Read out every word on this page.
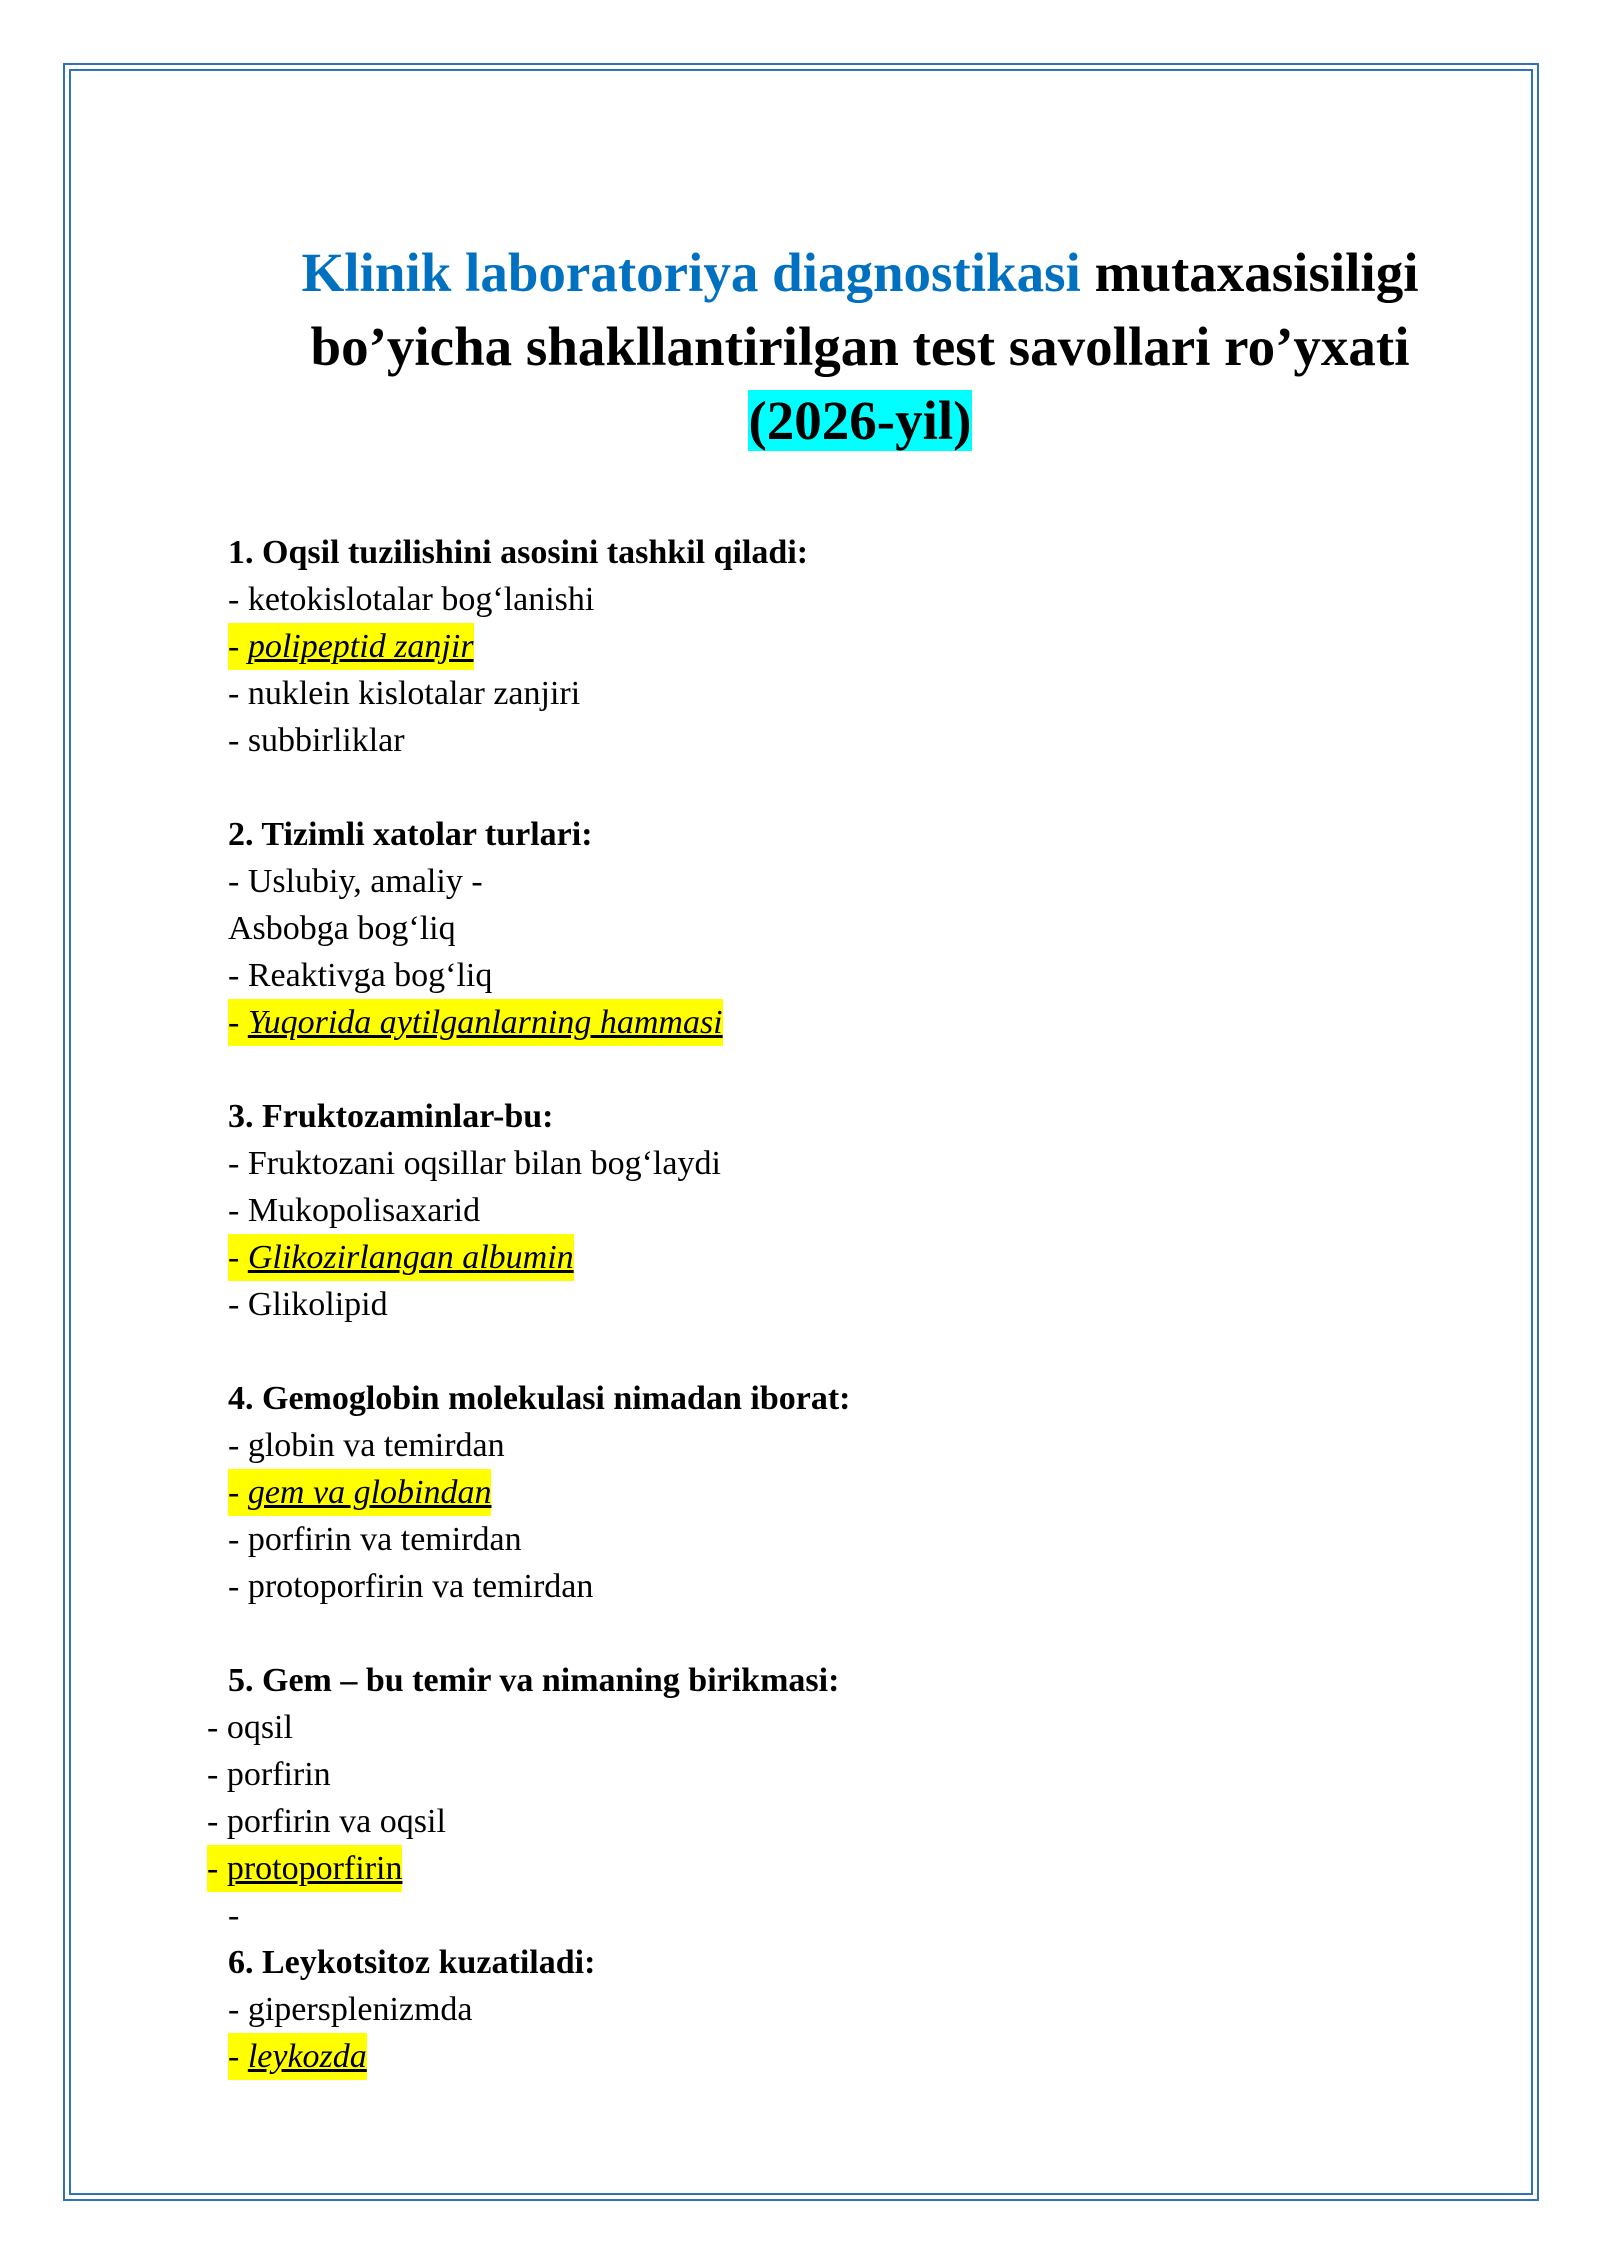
Klinik laboratoriya diagnostikasi mutaxasisiligi
bo’yicha shakllantirilgan test savollari ro’yxati
(2026-yil)
1. Oqsil tuzilishini asosini tashkil qiladi:
- ketokislotalar bog‘lanishi
- polipeptid zanjir
- nuklein kislotalar zanjiri
- subbirliklar
2. Tizimli xatolar turlari:
- Uslubiy, amaliy -
Asbobga bog‘liq
- Reaktivga bog‘liq
- Yuqorida aytilganlarning hammasi
3. Fruktozaminlar-bu:
- Fruktozani oqsillar bilan bog‘laydi
- Mukopolisaxarid
- Glikozirlangan albumin
- Glikolipid
4. Gemoglobin molekulasi nimadan iborat:
- globin va temirdan
- gem va globindan
- porfirin va temirdan
- protoporfirin va temirdan
5. Gem – bu temir va nimaning birikmasi:
- oqsil
- porfirin
- porfirin va oqsil
- protoporfirin
-
6. Leykotsitoz kuzatiladi:
- gipersplenizmda
- leykozda
